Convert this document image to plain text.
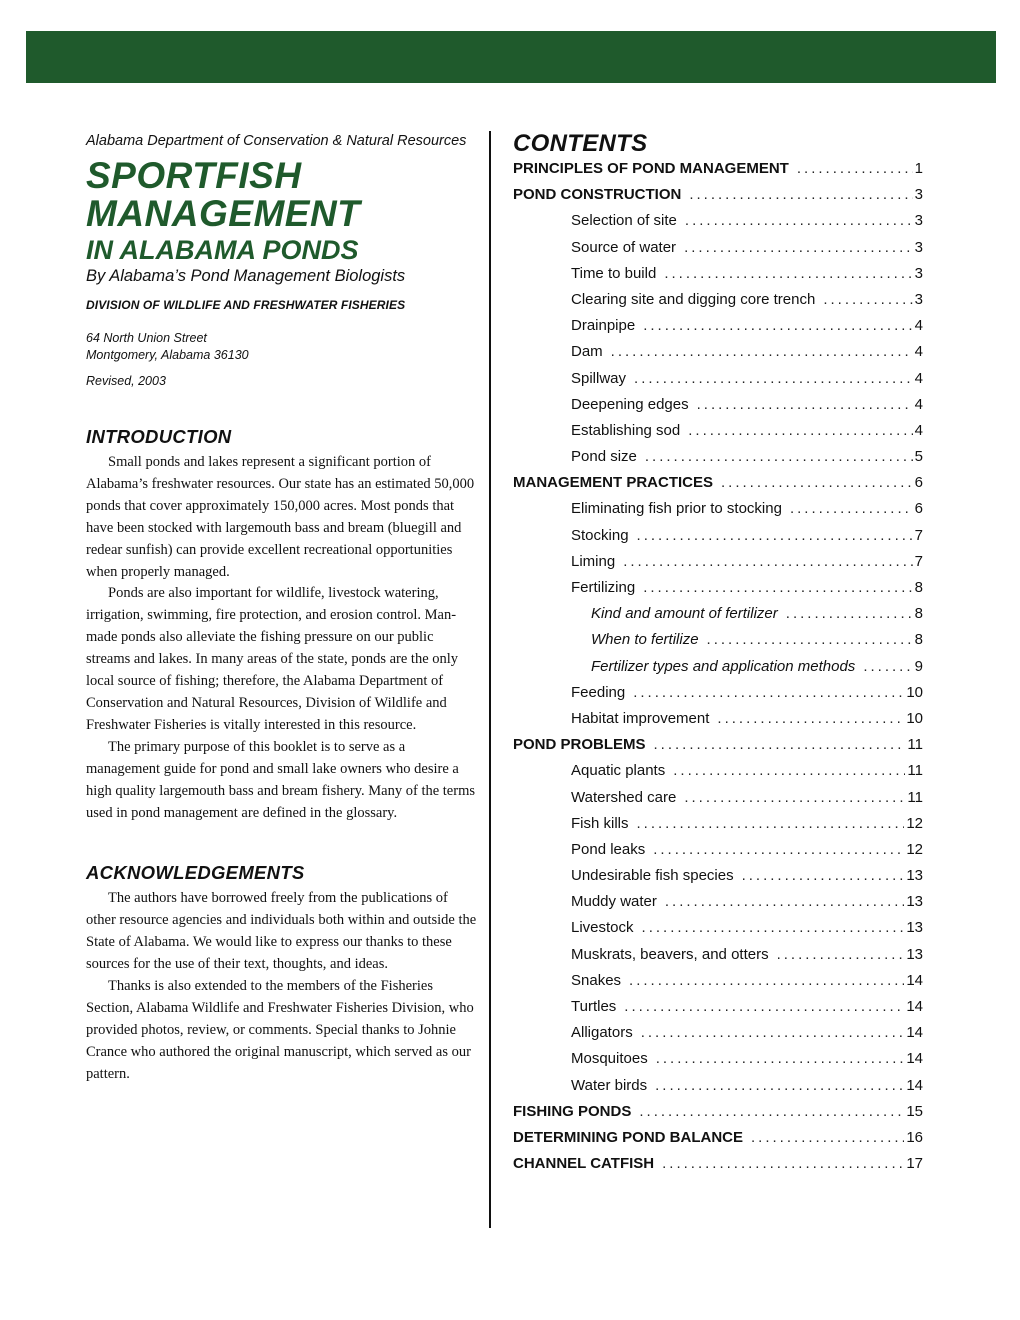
Alabama Department of Conservation & Natural Resources

SPORTFISH
MANAGEMENT
IN ALABAMA PONDS

By Alabama’s Pond Management Biologists

DIVISION OF WILDLIFE AND FRESHWATER FISHERIES

64 North Union Street
Montgomery, Alabama 36130

Revised, 2003

INTRODUCTION

Small ponds and lakes represent a significant portion of Alabama’s freshwater resources. Our state has an estimated 50,000 ponds that cover approximately 150,000 acres. Most ponds that have been stocked with largemouth bass and bream (bluegill and redear sunfish) can provide excellent recreational opportunities when properly managed.

Ponds are also important for wildlife, livestock watering, irrigation, swimming, fire protection, and erosion control. Man-made ponds also alleviate the fishing pressure on our public streams and lakes. In many areas of the state, ponds are the only local source of fishing; therefore, the Alabama Department of Conservation and Natural Resources, Division of Wildlife and Freshwater Fisheries is vitally interested in this resource.

The primary purpose of this booklet is to serve as a management guide for pond and small lake owners who desire a high quality largemouth bass and bream fishery. Many of the terms used in pond management are defined in the glossary.

ACKNOWLEDGEMENTS

The authors have borrowed freely from the publications of other resource agencies and individuals both within and outside the State of Alabama. We would like to express our thanks to these sources for the use of their text, thoughts, and ideas.

Thanks is also extended to the members of the Fisheries Section, Alabama Wildlife and Freshwater Fisheries Division, who provided photos, review, or comments. Special thanks to Johnie Crance who authored the original manuscript, which served as our pattern.

CONTENTS
PRINCIPLES OF POND MANAGEMENT .....	1
POND CONSTRUCTION .....	3
Selection of site .....	3
Source of water .....	3
Time to build .....	3
Clearing site and digging core trench .....	3
Drainpipe .....	4
Dam .....	4
Spillway .....	4
Deepening edges .....	4
Establishing sod .....	4
Pond size .....	5
MANAGEMENT PRACTICES .....	6
Eliminating fish prior to stocking .....	6
Stocking .....	7
Liming .....	7
Fertilizing .....	8
Kind and amount of fertilizer .....	8
When to fertilize .....	8
Fertilizer types and application methods .....	9
Feeding .....	10
Habitat improvement .....	10
POND PROBLEMS .....	11
Aquatic plants .....	11
Watershed care .....	11
Fish kills .....	12
Pond leaks .....	12
Undesirable fish species .....	13
Muddy water .....	13
Livestock .....	13
Muskrats, beavers, and otters .....	13
Snakes .....	14
Turtles .....	14
Alligators .....	14
Mosquitoes .....	14
Water birds .....	14
FISHING PONDS .....	15
DETERMINING POND BALANCE .....	16
CHANNEL CATFISH .....	17
